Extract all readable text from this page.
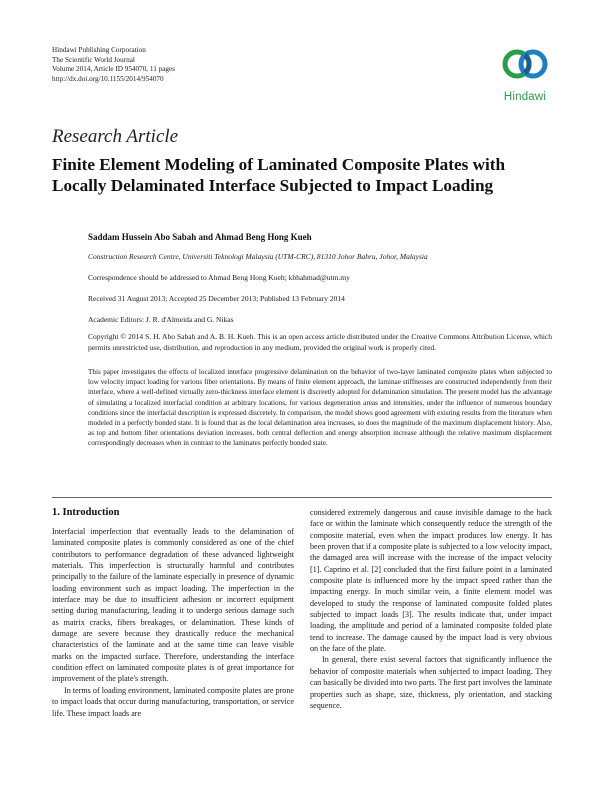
Hindawi Publishing Corporation
The Scientific World Journal
Volume 2014, Article ID 954070, 11 pages
http://dx.doi.org/10.1155/2014/954070
Hindawi
Research Article
Finite Element Modeling of Laminated Composite Plates with Locally Delaminated Interface Subjected to Impact Loading
Saddam Hussein Abo Sabah and Ahmad Beng Hong Kueh
Construction Research Centre, Universiti Teknologi Malaysia (UTM-CRC), 81310 Johor Bahru, Johor, Malaysia
Correspondence should be addressed to Ahmad Beng Hong Kueh; kbhahmad@utm.my
Received 31 August 2013; Accepted 25 December 2013; Published 13 February 2014
Academic Editors: J. R. d'Almeida and G. Nikas
Copyright © 2014 S. H. Abo Sabah and A. B. H. Kueh. This is an open access article distributed under the Creative Commons Attribution License, which permits unrestricted use, distribution, and reproduction in any medium, provided the original work is properly cited.
This paper investigates the effects of localized interface progressive delamination on the behavior of two-layer laminated composite plates when subjected to low velocity impact loading for various fiber orientations. By means of finite element approach, the laminae stiffnesses are constructed independently from their interface, where a well-defined virtually zero-thickness interface element is discreetly adopted for delamination simulation. The present model has the advantage of simulating a localized interfacial condition at arbitrary locations, for various degeneration areas and intensities, under the influence of numerous boundary conditions since the interfacial description is expressed discretely. In comparison, the model shows good agreement with existing results from the literature when modeled in a perfectly bonded state. It is found that as the local delamination area increases, so does the magnitude of the maximum displacement history. Also, as top and bottom fiber orientations deviation increases, both central deflection and energy absorption increase although the relative maximum displacement correspondingly decreases when in contrast to the laminates perfectly bonded state.
1. Introduction

Interfacial imperfection that eventually leads to the delamination of laminated composite plates is commonly considered as one of the chief contributors to performance degradation of these advanced lightweight materials. This imperfection is structurally harmful and contributes principally to the failure of the laminate especially in presence of dynamic loading environment such as impact loading. The imperfection in the interface may be due to insufficient adhesion or incorrect equipment setting during manufacturing, leading it to undergo serious damage such as matrix cracks, fibers breakages, or delamination. These kinds of damage are severe because they drastically reduce the mechanical characteristics of the laminate and at the same time can leave visible marks on the impacted surface. Therefore, understanding the interface condition effect on laminated composite plates is of great importance for improvement of the plate's strength.

In terms of loading environment, laminated composite plates are prone to impact loads that occur during manufacturing, transportation, or service life. These impact loads are

considered extremely dangerous and cause invisible damage to the back face or within the laminate which consequently reduce the strength of the composite material, even when the impact produces low energy. It has been proven that if a composite plate is subjected to a low velocity impact, the damaged area will increase with the increase of the impact velocity [1]. Caprino et al. [2] concluded that the first failure point in a laminated composite plate is influenced more by the impact speed rather than the impacting energy. In much similar vein, a finite element model was developed to study the response of laminated composite folded plates subjected to impact loads [3]. The results indicate that, under impact loading, the amplitude and period of a laminated composite folded plate tend to increase. The damage caused by the impact load is very obvious on the face of the plate.

In general, there exist several factors that significantly influence the behavior of composite materials when subjected to impact loading. They can basically be divided into two parts. The first part involves the laminate properties such as shape, size, thickness, ply orientation, and stacking sequence.
